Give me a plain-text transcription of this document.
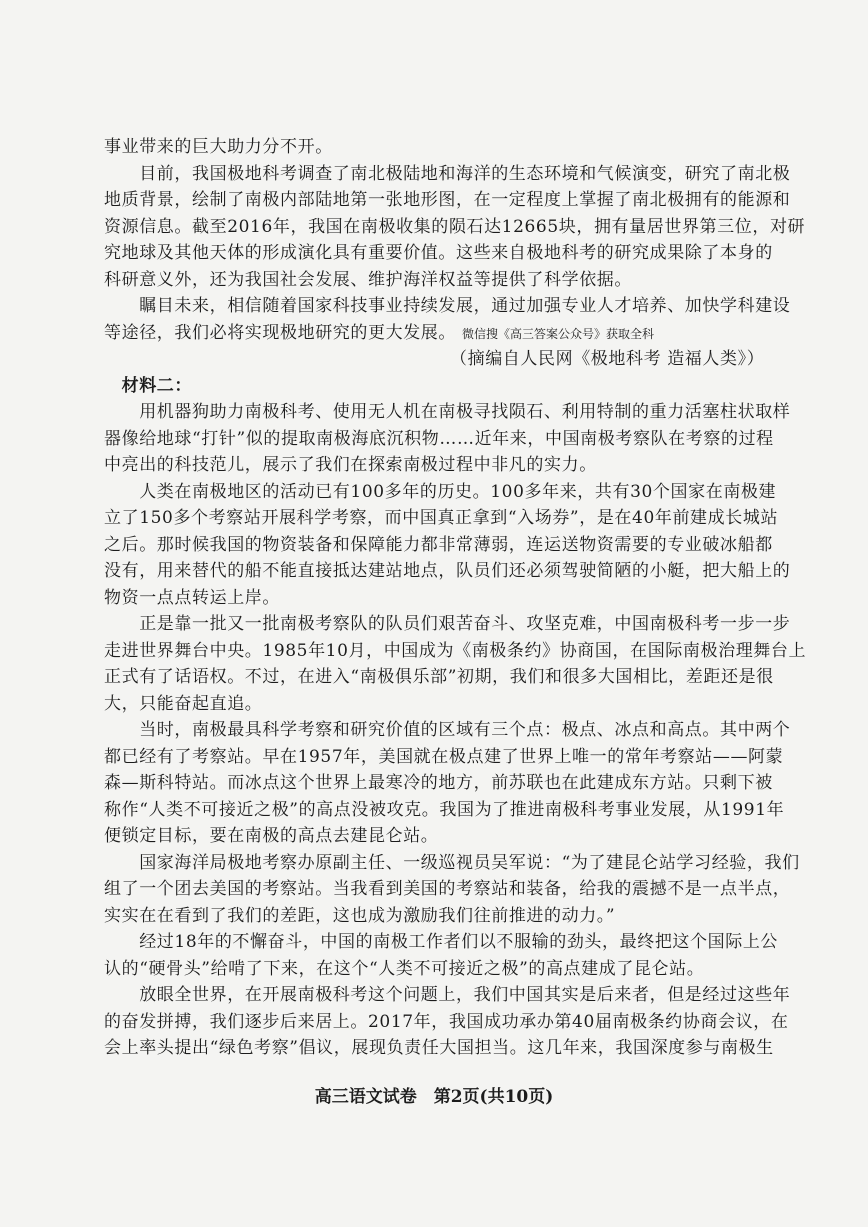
事业带来的巨大助力分不开。
　　目前，我国极地科考调查了南北极陆地和海洋的生态环境和气候演变，研究了南北极
地质背景，绘制了南极内部陆地第一张地形图，在一定程度上掌握了南北极拥有的能源和
资源信息。截至2016年，我国在南极收集的陨石达12665块，拥有量居世界第三位，对研
究地球及其他天体的形成演化具有重要价值。这些来自极地科考的研究成果除了本身的
科研意义外，还为我国社会发展、维护海洋权益等提供了科学依据。
　　瞩目未来，相信随着国家科技事业持续发展，通过加强专业人才培养、加快学科建设
等途径，我们必将实现极地研究的更大发展。 微信搜《高三答案公众号》获取全科
（摘编自人民网《极地科考 造福人类》）
　材料二：
　　用机器狗助力南极科考、使用无人机在南极寻找陨石、利用特制的重力活塞柱状取样
器像给地球“打针”似的提取南极海底沉积物……近年来，中国南极考察队在考察的过程
中亮出的科技范儿，展示了我们在探索南极过程中非凡的实力。
　　人类在南极地区的活动已有100多年的历史。100多年来，共有30个国家在南极建
立了150多个考察站开展科学考察，而中国真正拿到“入场券”，是在40年前建成长城站
之后。那时候我国的物资装备和保障能力都非常薄弱，连运送物资需要的专业破冰船都
没有，用来替代的船不能直接抵达建站地点，队员们还必须驾驶简陋的小艇，把大船上的
物资一点点转运上岸。
　　正是靠一批又一批南极考察队的队员们艰苦奋斗、攻坚克难，中国南极科考一步一步
走进世界舞台中央。1985年10月，中国成为《南极条约》协商国，在国际南极治理舞台上
正式有了话语权。不过，在进入“南极俱乐部”初期，我们和很多大国相比，差距还是很
大，只能奋起直追。
　　当时，南极最具科学考察和研究价值的区域有三个点：极点、冰点和高点。其中两个
都已经有了考察站。早在1957年，美国就在极点建了世界上唯一的常年考察站——阿蒙
森—斯科特站。而冰点这个世界上最寒冷的地方，前苏联也在此建成东方站。只剩下被
称作“人类不可接近之极”的高点没被攻克。我国为了推进南极科考事业发展，从1991年
便锁定目标，要在南极的高点去建昆仑站。
　　国家海洋局极地考察办原副主任、一级巡视员吴军说：“为了建昆仑站学习经验，我们
组了一个团去美国的考察站。当我看到美国的考察站和装备，给我的震撼不是一点半点，
实实在在看到了我们的差距，这也成为激励我们往前推进的动力。”
　　经过18年的不懈奋斗，中国的南极工作者们以不服输的劲头，最终把这个国际上公
认的“硬骨头”给啃了下来，在这个“人类不可接近之极”的高点建成了昆仑站。
　　放眼全世界，在开展南极科考这个问题上，我们中国其实是后来者，但是经过这些年
的奋发拼搏，我们逐步后来居上。2017年，我国成功承办第40届南极条约协商会议，在
会上率头提出“绿色考察”倡议，展现负责任大国担当。这几年来，我国深度参与南极生
高三语文试卷　第2页(共10页)
